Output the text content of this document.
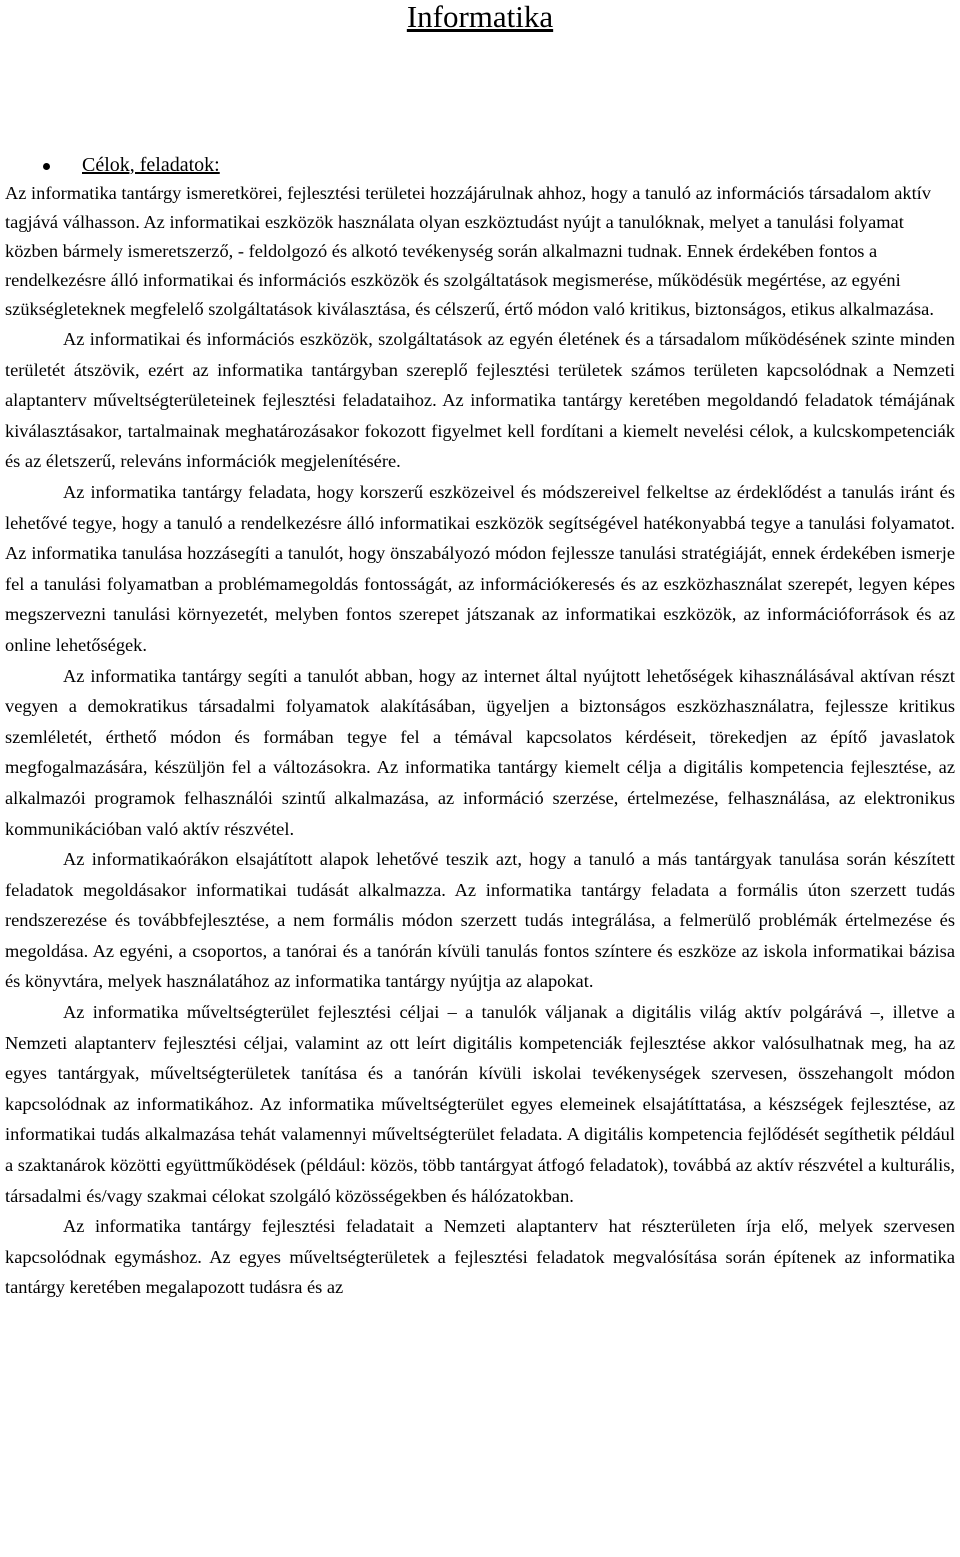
Informatika
Célok, feladatok:

Az informatika tantárgy ismeretkörei, fejlesztési területei hozzájárulnak ahhoz, hogy a tanuló az információs társadalom aktív tagjává válhasson. Az informatikai eszközök használata olyan eszköztudást nyújt a tanulóknak, melyet a tanulási folyamat közben bármely ismeretszerző, - feldolgozó és alkotó tevékenység során alkalmazni tudnak. Ennek érdekében fontos a rendelkezésre álló informatikai és információs eszközök és szolgáltatások megismerése, működésük megértése, az egyéni szükségleteknek megfelelő szolgáltatások kiválasztása, és célszerű, értő módon való kritikus, biztonságos, etikus alkalmazása.

Az informatikai és információs eszközök, szolgáltatások az egyén életének és a társadalom működésének szinte minden területét átszövik, ezért az informatika tantárgyban szereplő fejlesztési területek számos területen kapcsolódnak a Nemzeti alaptanterv műveltségterületeinek fejlesztési feladataihoz. Az informatika tantárgy keretében megoldandó feladatok témájának kiválasztásakor, tartalmainak meghatározásakor fokozott figyelmet kell fordítani a kiemelt nevelési célok, a kulcskompetenciák és az életszerű, releváns információk megjelenítésére.

Az informatika tantárgy feladata, hogy korszerű eszközeivel és módszereivel felkeltse az érdeklődést a tanulás iránt és lehetővé tegye, hogy a tanuló a rendelkezésre álló informatikai eszközök segítségével hatékonyabbá tegye a tanulási folyamatot. Az informatika tanulása hozzásegíti a tanulót, hogy önszabályozó módon fejlessze tanulási stratégiáját, ennek érdekében ismerje fel a tanulási folyamatban a problémamegoldás fontosságát, az információkeresés és az eszközhasználat szerepét, legyen képes megszervezni tanulási környezetét, melyben fontos szerepet játszanak az informatikai eszközök, az információforrások és az online lehetőségek.

Az informatika tantárgy segíti a tanulót abban, hogy az internet által nyújtott lehetőségek kihasználásával aktívan részt vegyen a demokratikus társadalmi folyamatok alakításában, ügyeljen a biztonságos eszközhasználatra, fejlessze kritikus szemléletét, érthető módon és formában tegye fel a témával kapcsolatos kérdéseit, törekedjen az építő javaslatok megfogalmazására, készüljön fel a változásokra. Az informatika tantárgy kiemelt célja a digitális kompetencia fejlesztése, az alkalmazói programok felhasználói szintű alkalmazása, az információ szerzése, értelmezése, felhasználása, az elektronikus kommunikációban való aktív részvétel.

Az informatikaórákon elsajátított alapok lehetővé teszik azt, hogy a tanuló a más tantárgyak tanulása során készített feladatok megoldásakor informatikai tudását alkalmazza. Az informatika tantárgy feladata a formális úton szerzett tudás rendszerezése és továbbfejlesztése, a nem formális módon szerzett tudás integrálása, a felmerülő problémák értelmezése és megoldása. Az egyéni, a csoportos, a tanórai és a tanórán kívüli tanulás fontos színtere és eszköze az iskola informatikai bázisa és könyvtára, melyek használatához az informatika tantárgy nyújtja az alapokat.

Az informatika műveltségterület fejlesztési céljai – a tanulók váljanak a digitális világ aktív polgárává –, illetve a Nemzeti alaptanterv fejlesztési céljai, valamint az ott leírt digitális kompetenciák fejlesztése akkor valósulhatnak meg, ha az egyes tantárgyak, műveltségterületek tanítása és a tanórán kívüli iskolai tevékenységek szervesen, összehangolt módon kapcsolódnak az informatikához. Az informatika műveltségterület egyes elemeinek elsajátíttatása, a készségek fejlesztése, az informatikai tudás alkalmazása tehát valamennyi műveltségterület feladata. A digitális kompetencia fejlődését segíthetik például a szaktanárok közötti együttműködések (például: közös, több tantárgyat átfogó feladatok), továbbá az aktív részvétel a kulturális, társadalmi és/vagy szakmai célokat szolgáló közösségekben és hálózatokban.

Az informatika tantárgy fejlesztési feladatait a Nemzeti alaptanterv hat részterületen írja elő, melyek szervesen kapcsolódnak egymáshoz. Az egyes műveltségterületek a fejlesztési feladatok megvalósítása során építenek az informatika tantárgy keretében megalapozott tudásra és az
